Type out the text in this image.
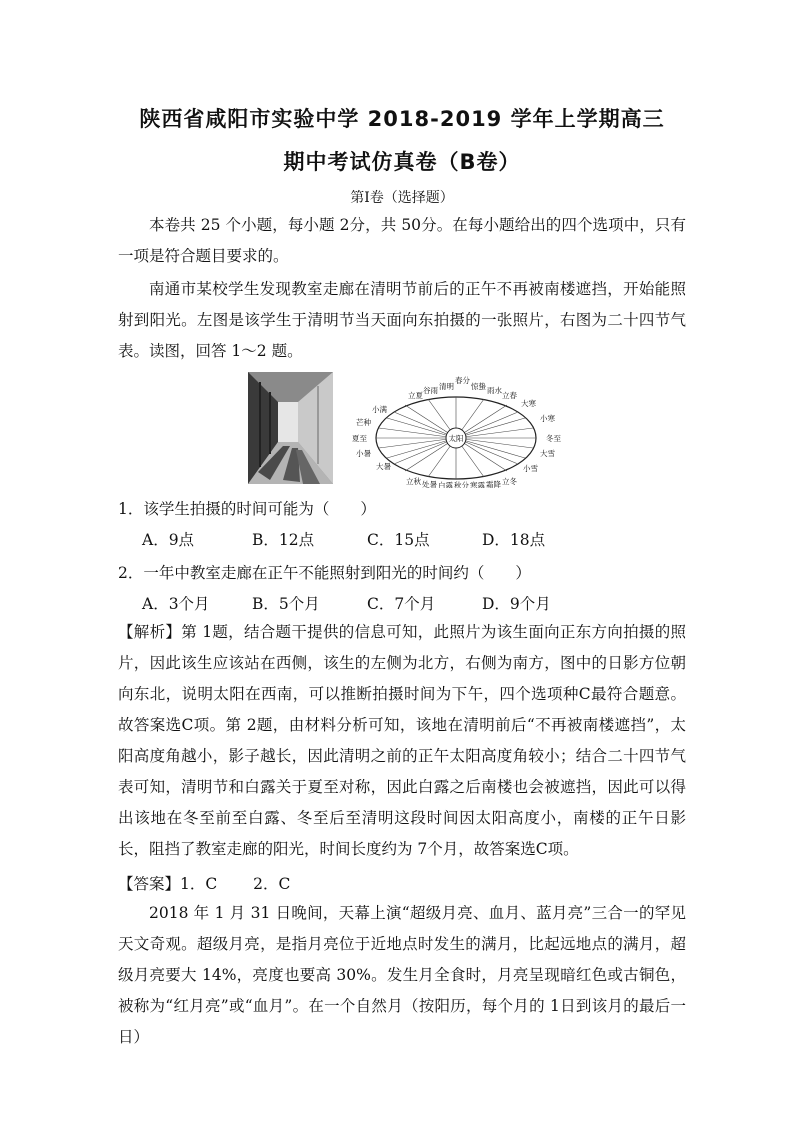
陕西省咸阳市实验中学 2018-2019 学年上学期高三
期中考试仿真卷（B卷）
第Ⅰ卷（选择题）
本卷共 25 个小题，每小题 2分，共 50分。在每小题给出的四个选项中，只有一项是符合题目要求的。
南通市某校学生发现教室走廊在清明节前后的正午不再被南楼遮挡，开始能照射到阳光。左图是该学生于清明节当天面向东拍摄的一张照片，右图为二十四节气表。读图，回答 1～2 题。
太阳
立夏
谷雨 清明
春分
惊蛰 雨水
立春
立秋 处暑 白露 秋分 寒露 霜降 立冬
小满
芒种
夏至
小暑
大暑
大寒
小寒
冬至
大雪
小雪
1．该学生拍摄的时间可能为（　　）
A．9点	B．12点	C．15点	D．18点
2．一年中教室走廊在正午不能照射到阳光的时间约（　　）
A．3个月	B．5个月	C．7个月	D．9个月
【解析】第 1题，结合题干提供的信息可知，此照片为该生面向正东方向拍摄的照片，因此该生应该站在西侧，该生的左侧为北方，右侧为南方，图中的日影方位朝向东北，说明太阳在西南，可以推断拍摄时间为下午，四个选项种C最符合题意。故答案选C项。第 2题，由材料分析可知，该地在清明前后“不再被南楼遮挡”，太阳高度角越小，影子越长，因此清明之前的正午太阳高度角较小；结合二十四节气表可知，清明节和白露关于夏至对称，因此白露之后南楼也会被遮挡，因此可以得出该地在冬至前至白露、冬至后至清明这段时间因太阳高度小，南楼的正午日影长，阻挡了教室走廊的阳光，时间长度约为 7个月，故答案选C项。
【答案】1．C　　 2．C
2018 年 1 月 31 日晚间，天幕上演“超级月亮、血月、蓝月亮”三合一的罕见天文奇观。超级月亮，是指月亮位于近地点时发生的满月，比起远地点的满月，超级月亮要大 14%，亮度也要高 30%。发生月全食时，月亮呈现暗红色或古铜色，被称为“红月亮”或“血月”。在一个自然月（按阳历，每个月的 1日到该月的最后一日）
